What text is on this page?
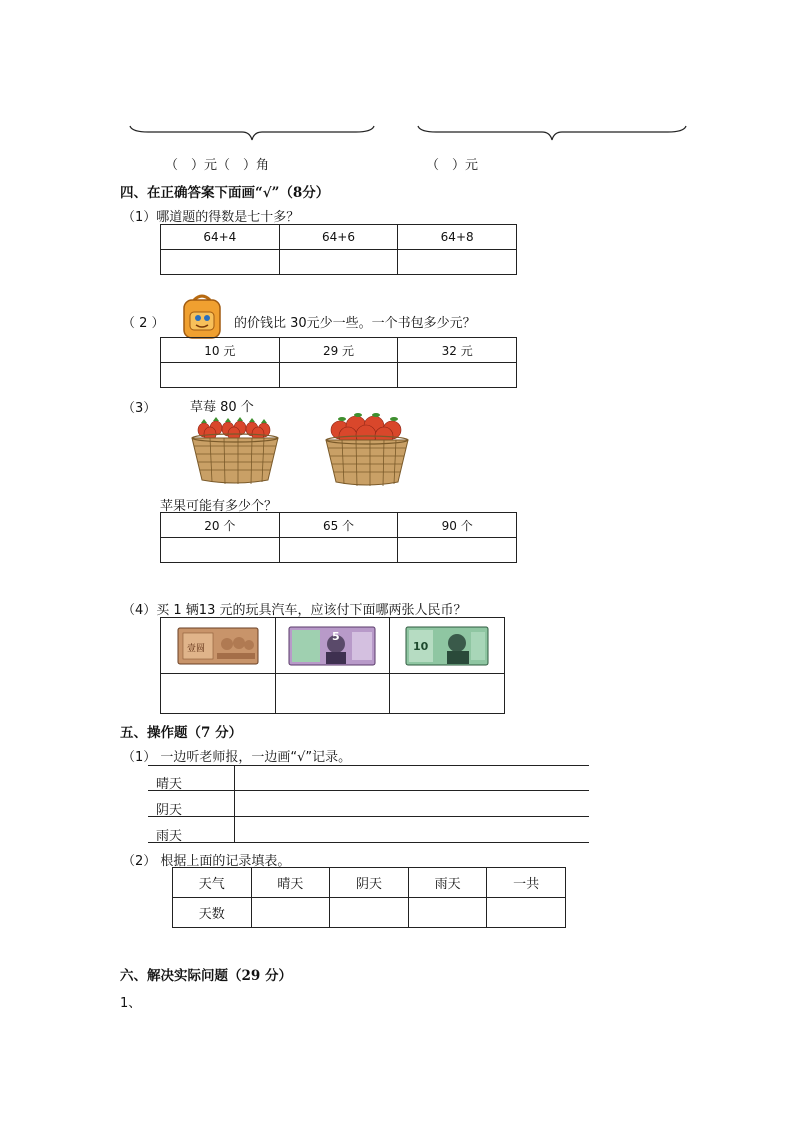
（　）元（　）角	（　）元
四、在正确答案下面画“√”（8分）
（1）哪道题的得数是七十多？
64+4	64+6	64+8

（ 2 ）	的价钱比 30元少一些。一个书包多少元？
10 元	29 元	32 元

（3）	草莓 80 个
苹果可能有多少个？
20 个	65 个	90 个

（4）买 1 辆13 元的玩具汽车，应该付下面哪两张人民币？
壹圆	5	10

五、操作题（7 分）
（1） 一边听老师报，一边画“√”记录。
晴天
阴天
雨天
（2） 根据上面的记录填表。
天气	晴天	阴天	雨天	一共
天数				
六、解决实际问题（29 分）
1、
